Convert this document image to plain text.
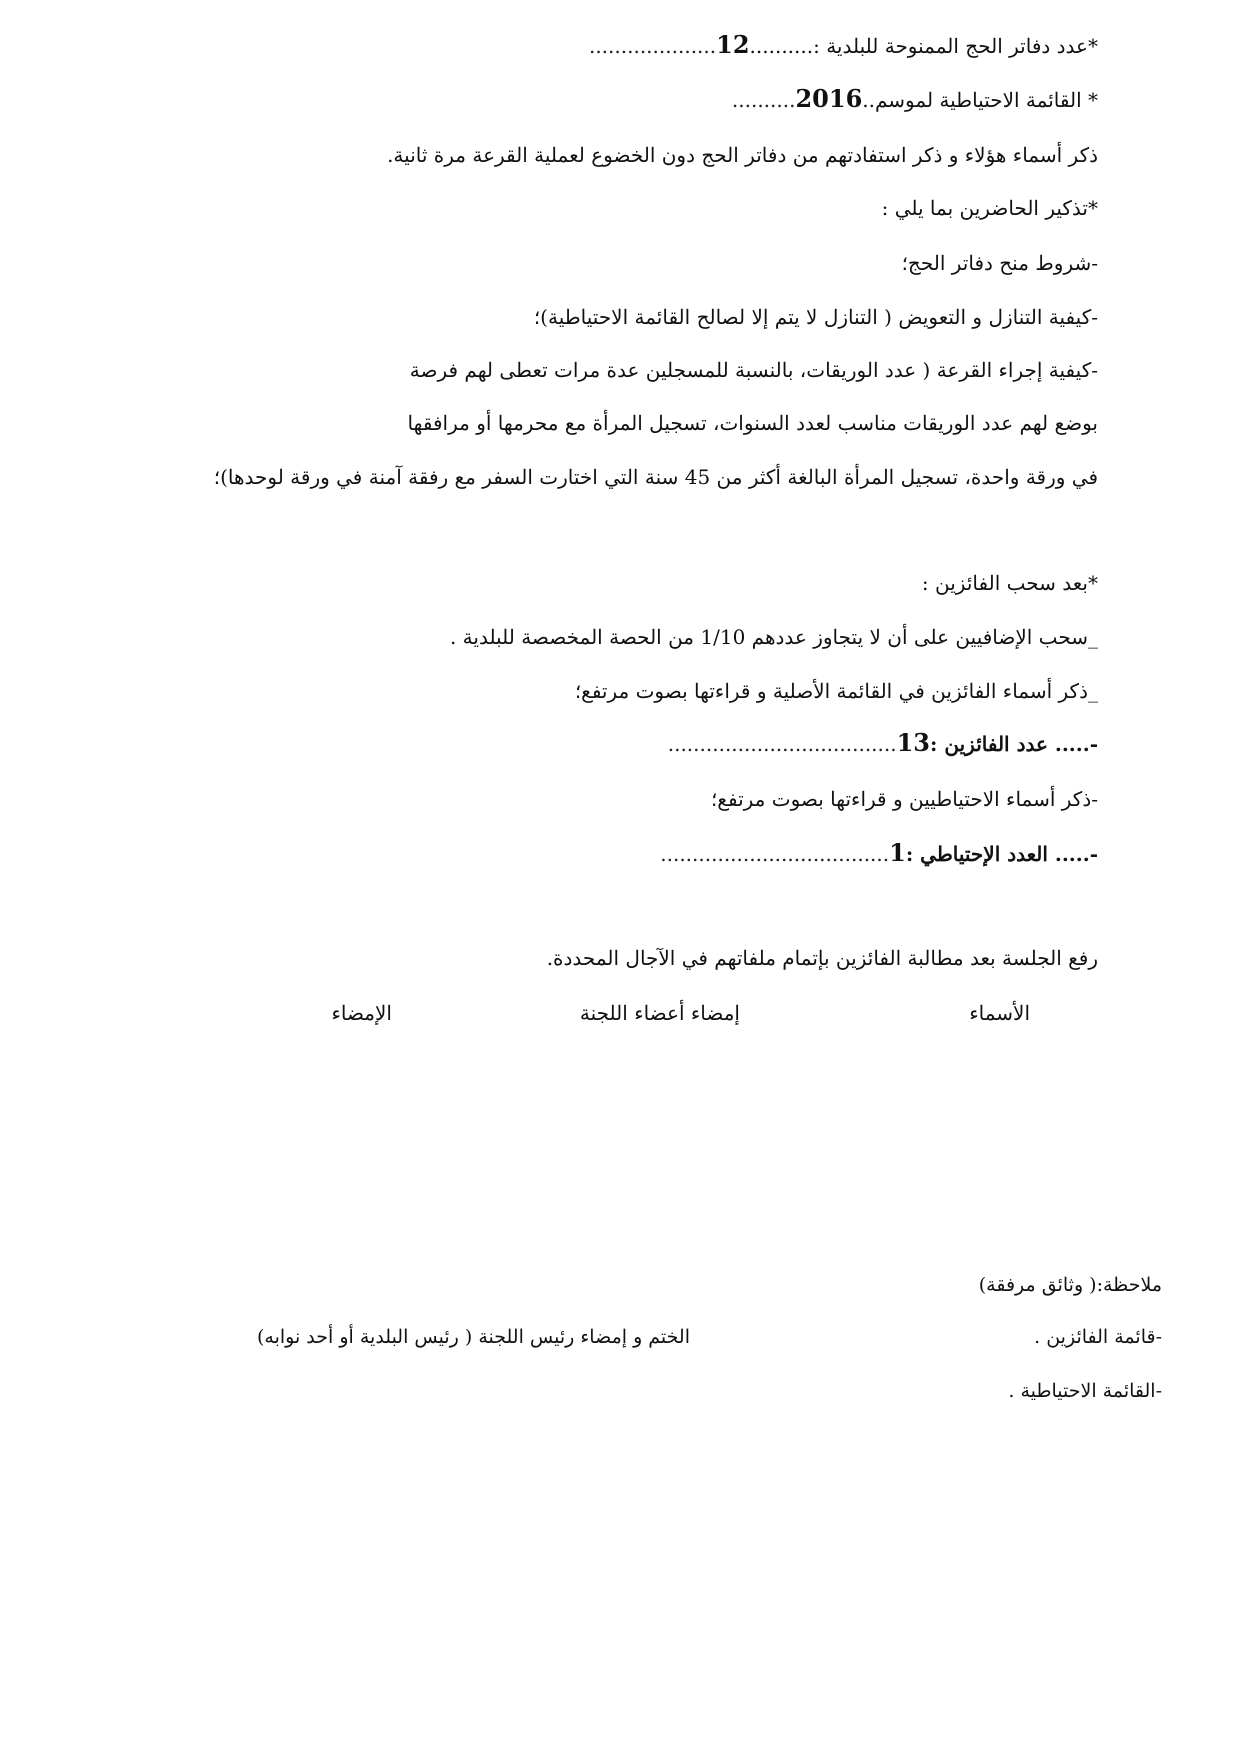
*عدد دفاتر الحج الممنوحة للبلدية :..........12....................
* القائمة الاحتياطية لموسم..2016..........
ذكر أسماء هؤلاء و ذكر استفادتهم من دفاتر الحج دون الخضوع لعملية القرعة مرة ثانية.
*تذكير الحاضرين بما يلي :
-شروط منح دفاتر الحج؛
-كيفية التنازل و التعويض ( التنازل لا يتم إلا لصالح القائمة الاحتياطية)؛
-كيفية إجراء القرعة ( عدد الوريقات، بالنسبة للمسجلين عدة مرات تعطى لهم فرصة
بوضع لهم عدد الوريقات مناسب لعدد السنوات، تسجيل المرأة مع محرمها أو مرافقها
في ورقة واحدة، تسجيل المرأة البالغة أكثر من 45 سنة التي اختارت السفر مع رفقة آمنة في ورقة لوحدها)؛
*بعد سحب الفائزين :
_سحب الإضافيين على أن لا يتجاوز عددهم 1/10 من الحصة المخصصة للبلدية .
_ذكر أسماء الفائزين في القائمة الأصلية و قراءتها بصوت مرتفع؛
-..... عدد الفائزين :13....................................
-ذكر أسماء الاحتياطيين و قراءتها بصوت مرتفع؛
-..... العدد الإحتياطي :1....................................
رفع الجلسة بعد مطالبة الفائزين بإتمام ملفاتهم في الآجال المحددة.
الأسماء
إمضاء أعضاء اللجنة
الإمضاء
ملاحظة:( وثائق مرفقة)
-قائمة الفائزين .
الختم و إمضاء رئيس اللجنة ( رئيس البلدية أو أحد نوابه)
-القائمة الاحتياطية .
